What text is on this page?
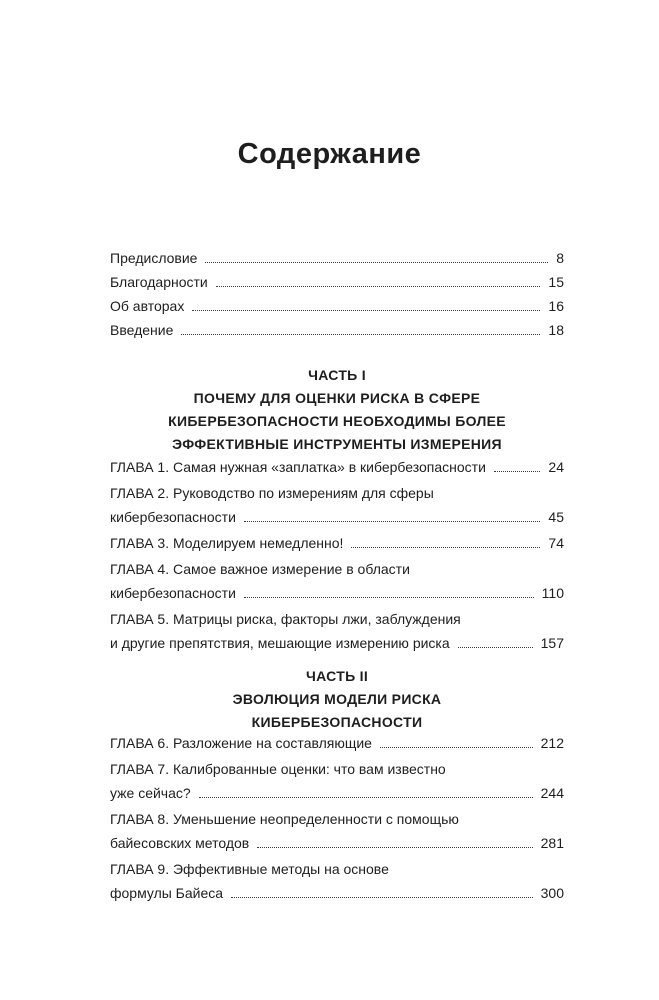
Содержание
Предисловие	8
Благодарности	15
Об авторах	16
Введение	18
ЧАСТЬ I
ПОЧЕМУ ДЛЯ ОЦЕНКИ РИСКА В СФЕРЕ
КИБЕРБЕЗОПАСНОСТИ НЕОБХОДИМЫ БОЛЕЕ
ЭФФЕКТИВНЫЕ ИНСТРУМЕНТЫ ИЗМЕРЕНИЯ
ГЛАВА 1. Самая нужная «заплатка» в кибербезопасности	24
ГЛАВА 2. Руководство по измерениям для сферы
кибербезопасности	45
ГЛАВА 3. Моделируем немедленно!	74
ГЛАВА 4. Самое важное измерение в области
кибербезопасности	110
ГЛАВА 5. Матрицы риска, факторы лжи, заблуждения
и другие препятствия, мешающие измерению риска	157
ЧАСТЬ II
ЭВОЛЮЦИЯ МОДЕЛИ РИСКА
КИБЕРБЕЗОПАСНОСТИ
ГЛАВА 6. Разложение на составляющие	212
ГЛАВА 7. Калиброванные оценки: что вам известно
уже сейчас?	244
ГЛАВА 8. Уменьшение неопределенности с помощью
байесовских методов	281
ГЛАВА 9. Эффективные методы на основе
формулы Байеса	300
